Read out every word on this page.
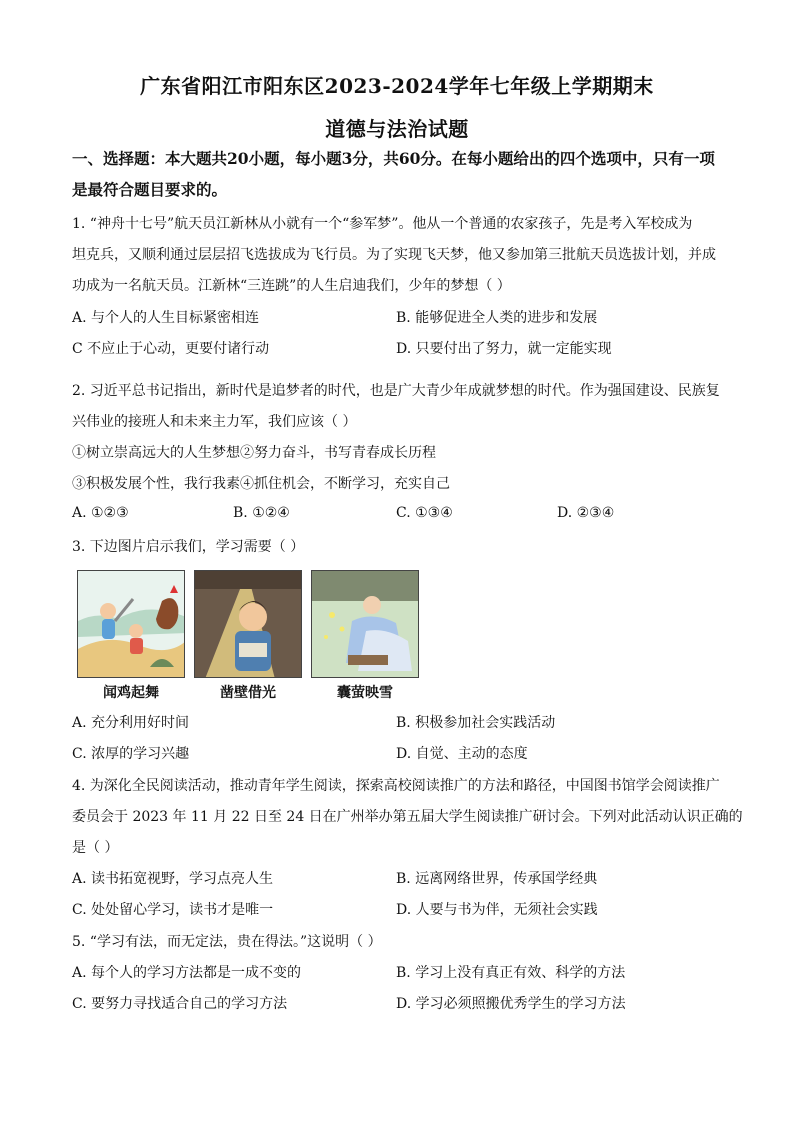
广东省阳江市阳东区2023-2024学年七年级上学期期末
道德与法治试题
一、选择题：本大题共20小题，每小题3分，共60分。在每小题给出的四个选项中，只有一项是最符合题目要求的。
1. “神舟十七号”航天员江新林从小就有一个“参军梦”。他从一个普通的农家孩子，先是考入军校成为
坦克兵，又顺利通过层层招飞选拔成为飞行员。为了实现飞天梦，他又参加第三批航天员选拔计划，并成
功成为一名航天员。江新林“三连跳”的人生启迪我们，少年的梦想（ ）
A. 与个人的人生目标紧密相连	B. 能够促进全人类的进步和发展
C 不应止于心动，更要付诸行动	D. 只要付出了努力，就一定能实现
2. 习近平总书记指出，新时代是追梦者的时代，也是广大青少年成就梦想的时代。作为强国建设、民族复
兴伟业的接班人和未来主力军，我们应该（ ）
①树立崇高远大的人生梦想②努力奋斗，书写青春成长历程
③积极发展个性，我行我素④抓住机会，不断学习，充实自己
A. ①②③	B. ①②④	C. ①③④	D. ②③④
3. 下边图片启示我们，学习需要（ ）
闻鸡起舞	凿壁借光	囊萤映雪
A. 充分利用好时间	B. 积极参加社会实践活动
C. 浓厚的学习兴趣	D. 自觉、主动的态度
4. 为深化全民阅读活动，推动青年学生阅读，探索高校阅读推广的方法和路径，中国图书馆学会阅读推广
委员会于 2023 年 11 月 22 日至 24 日在广州举办第五届大学生阅读推广研讨会。下列对此活动认识正确的
是（ ）
A. 读书拓宽视野，学习点亮人生	B. 远离网络世界，传承国学经典
C. 处处留心学习，读书才是唯一	D. 人要与书为伴，无须社会实践
5. “学习有法，而无定法，贵在得法。”这说明（ ）
A. 每个人的学习方法都是一成不变的	B. 学习上没有真正有效、科学的方法
C. 要努力寻找适合自己的学习方法	D. 学习必须照搬优秀学生的学习方法
